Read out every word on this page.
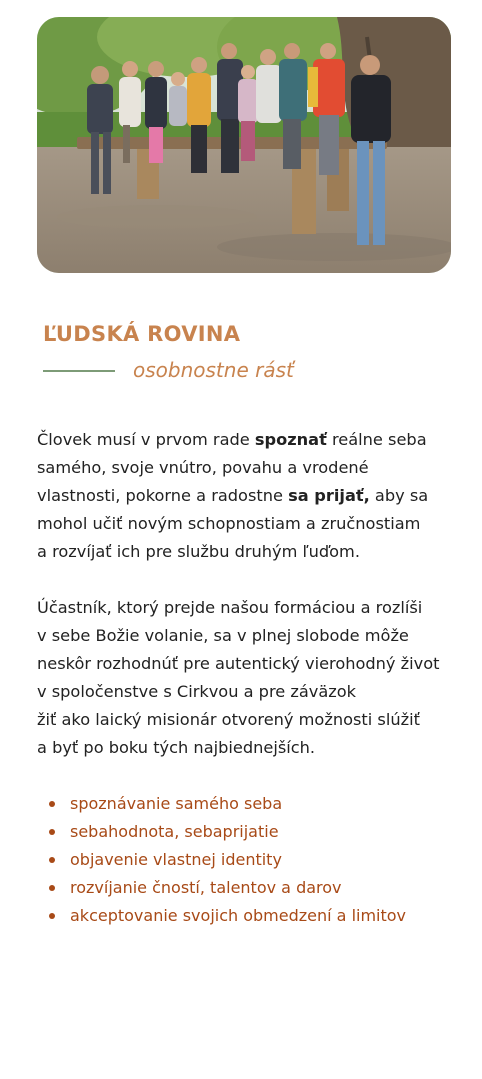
ĽUDSKÁ ROVINA
osobnostne rásť

Človek musí v prvom rade spoznať reálne seba
samého, svoje vnútro, povahu a vrodené
vlastnosti, pokorne a radostne sa prijať, aby sa
mohol učiť novým schopnostiam a zručnostiam
a rozvíjať ich pre službu druhým ľuďom.

Účastník, ktorý prejde našou formáciou a rozlíši
v sebe Božie volanie, sa v plnej slobode môže
neskôr rozhodnúť pre autentický vierohodný život
v spoločenstve s Cirkvou a pre záväzok
žiť ako laický misionár otvorený možnosti slúžiť
a byť po boku tých najbiednejších.

spoznávanie samého seba
sebahodnota, sebaprijatie
objavenie vlastnej identity
rozvíjanie čností, talentov a darov
akceptovanie svojich obmedzení a limitov
